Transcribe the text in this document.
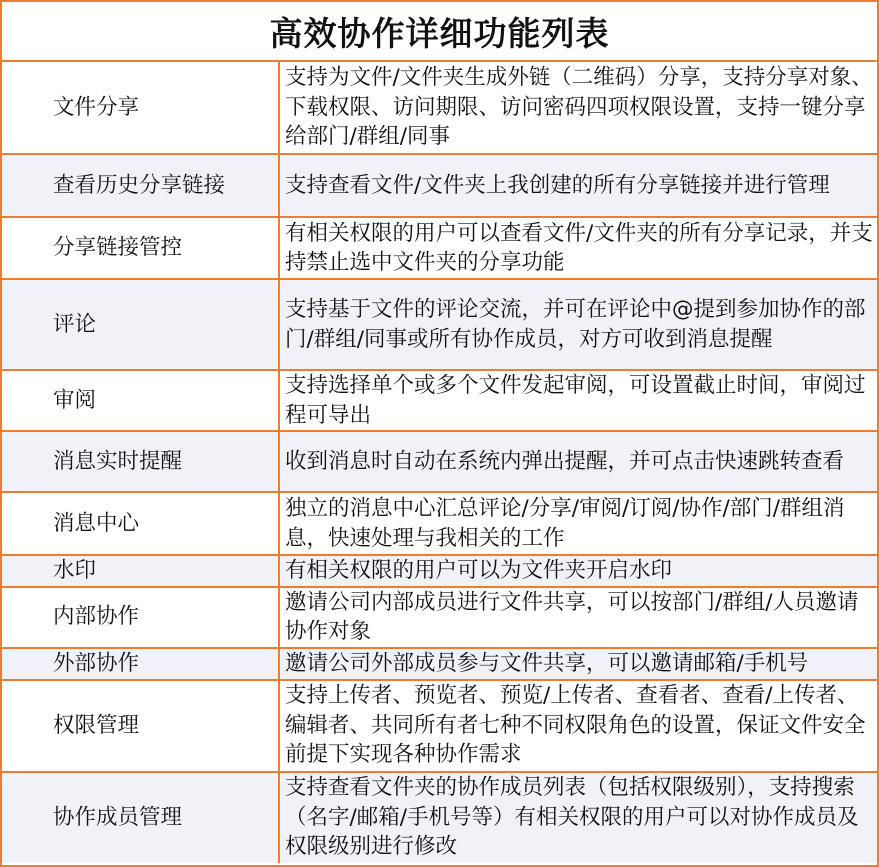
高效协作详细功能列表
文件分享	支持为文件/文件夹生成外链（二维码）分享，支持分享对象、下载权限、访问期限、访问密码四项权限设置，支持一键分享给部门/群组/同事
查看历史分享链接	支持查看文件/文件夹上我创建的所有分享链接并进行管理
分享链接管控	有相关权限的用户可以查看文件/文件夹的所有分享记录，并支持禁止选中文件夹的分享功能
评论	支持基于文件的评论交流，并可在评论中@提到参加协作的部门/群组/同事或所有协作成员，对方可收到消息提醒
审阅	支持选择单个或多个文件发起审阅，可设置截止时间，审阅过程可导出
消息实时提醒	收到消息时自动在系统内弹出提醒，并可点击快速跳转查看
消息中心	独立的消息中心汇总评论/分享/审阅/订阅/协作/部门/群组消息，快速处理与我相关的工作
水印	有相关权限的用户可以为文件夹开启水印
内部协作	邀请公司内部成员进行文件共享，可以按部门/群组/人员邀请协作对象
外部协作	邀请公司外部成员参与文件共享，可以邀请邮箱/手机号
权限管理	支持上传者、预览者、预览/上传者、查看者、查看/上传者、编辑者、共同所有者七种不同权限角色的设置，保证文件安全前提下实现各种协作需求
协作成员管理	支持查看文件夹的协作成员列表（包括权限级别），支持搜索（名字/邮箱/手机号等）有相关权限的用户可以对协作成员及权限级别进行修改
